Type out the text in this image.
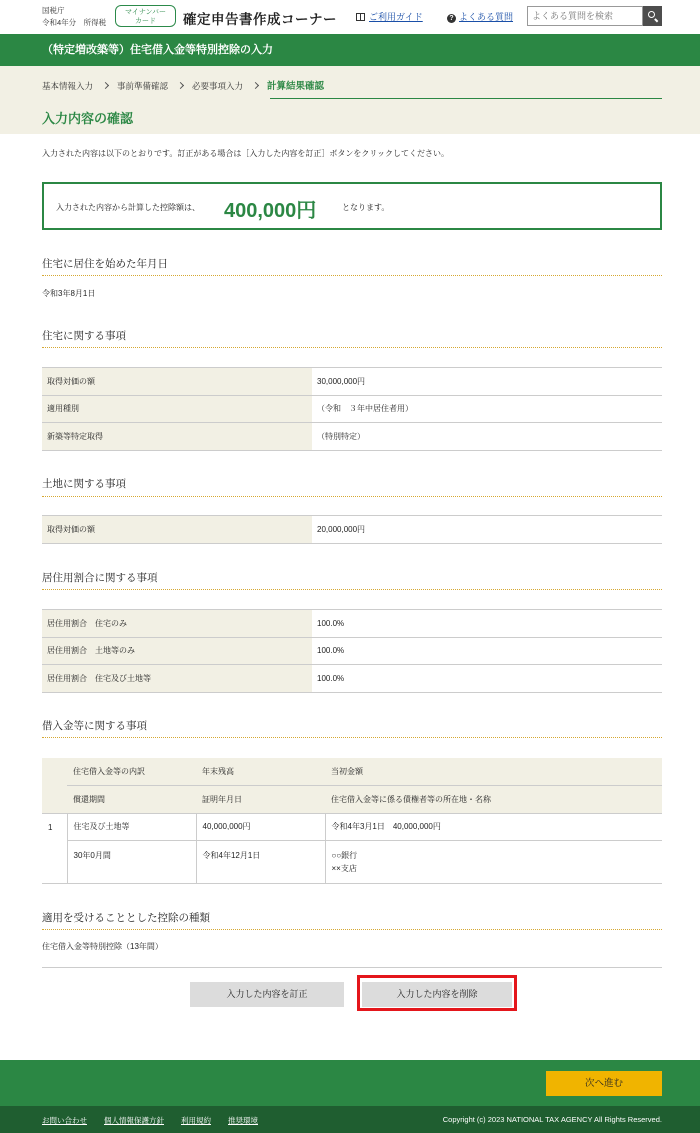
国税庁
令和4年分　所得税
マイナンバー
カード	確定申告書作成コーナー	ご利用ガイド	? よくある質問
よくある質問を検索
（特定増改築等）住宅借入金等特別控除の入力
基本情報入力	事前準備確認	必要事項入力	計算結果確認
入力内容の確認
入力された内容は以下のとおりです。訂正がある場合は［入力した内容を訂正］ボタンをクリックしてください。
入力された内容から計算した控除額は、 400,000円	となります。
住宅に居住を始めた年月日
令和3年8月1日
住宅に関する事項
取得対価の額	30,000,000円
適用種別	（令和　３年中居住者用）
新築等特定取得	（特別特定）
土地に関する事項
取得対価の額	20,000,000円
居住用割合に関する事項
居住用割合　住宅のみ	100.0%
居住用割合　土地等のみ	100.0%
居住用割合　住宅及び土地等	100.0%
借入金等に関する事項
	住宅借入金等の内訳	年末残高	当初金額
	償還期間	証明年月日	住宅借入金等に係る債権者等の所在地・名称
1	住宅及び土地等	40,000,000円	令和4年3月1日　40,000,000円
	30年0月間	令和4年12月1日	○○銀行
××支店
適用を受けることとした控除の種類
住宅借入金等特別控除（13年間）
入力した内容を訂正	入力した内容を削除
次へ進む
お問い合わせ 個人情報保護方針 利用規約 推奨環境	Copyright (c) 2023 NATIONAL TAX AGENCY All Rights Reserved.
